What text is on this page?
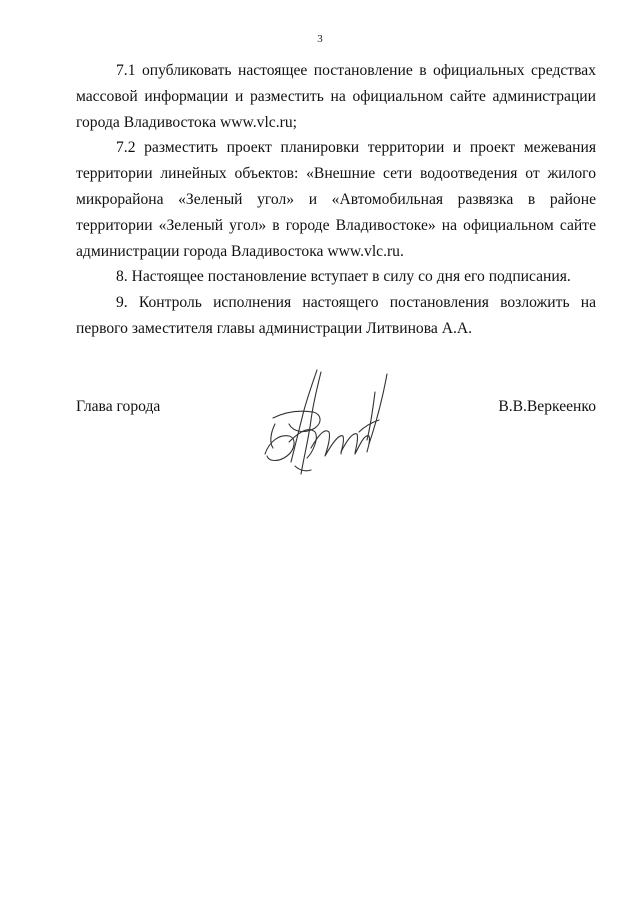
3

7.1 опубликовать настоящее постановление в официальных средствах массовой информации и разместить на официальном сайте администрации города Владивостока www.vlc.ru;

7.2 разместить проект планировки территории и проект межевания территории линейных объектов: «Внешние сети водоотведения от жилого микрорайона «Зеленый угол» и «Автомобильная развязка в районе территории «Зеленый угол» в городе Владивостоке» на официальном сайте администрации города Владивостока www.vlc.ru.

8. Настоящее постановление вступает в силу со дня его подписания.

9. Контроль исполнения настоящего постановления возложить на первого заместителя главы администрации Литвинова А.А.

Глава города	В.В.Веркеенко
